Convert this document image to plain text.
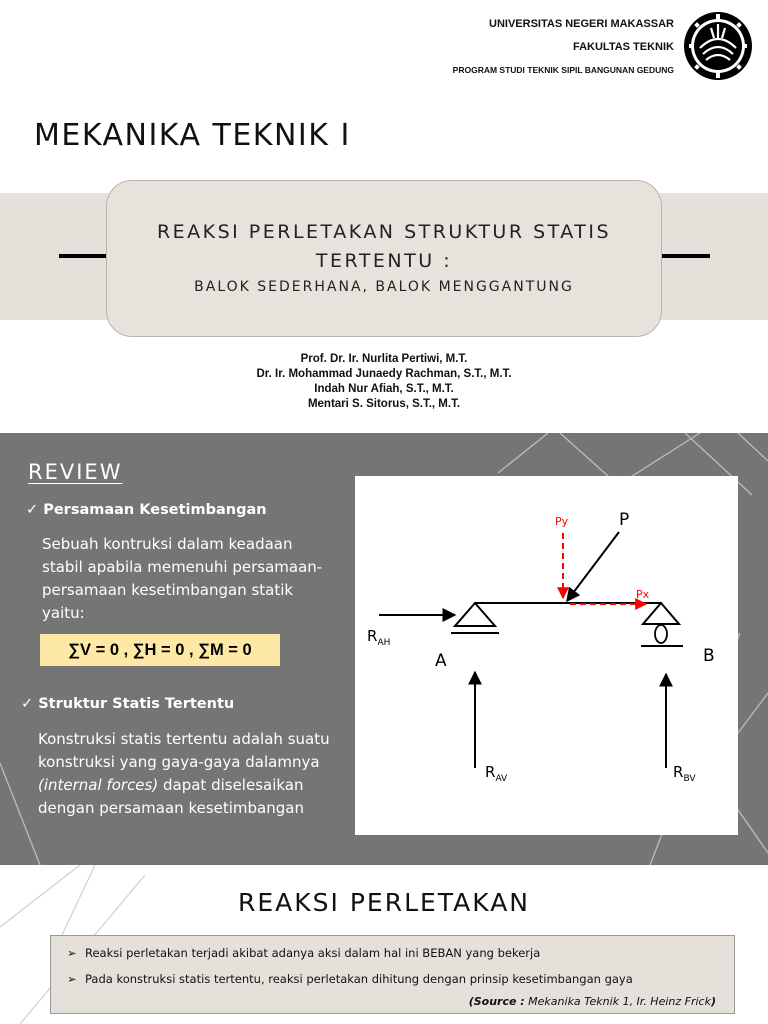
UNIVERSITAS NEGERI MAKASSAR
FAKULTAS TEKNIK
PROGRAM STUDI TEKNIK SIPIL BANGUNAN GEDUNG
MEKANIKA TEKNIK I
REAKSI PERLETAKAN STRUKTUR STATIS TERTENTU :
BALOK SEDERHANA, BALOK MENGGANTUNG
Prof. Dr. Ir. Nurlita Pertiwi, M.T.
Dr. Ir. Mohammad Junaedy Rachman, S.T., M.T.
Indah Nur Afiah, S.T., M.T.
Mentari S. Sitorus, S.T., M.T.
REVIEW
✓ Persamaan Kesetimbangan
Sebuah kontruksi dalam keadaan stabil apabila memenuhi persamaan-persamaan kesetimbangan statik yaitu:
∑V = 0 , ∑H = 0 , ∑M = 0
✓ Struktur Statis Tertentu
Konstruksi statis tertentu adalah suatu konstruksi yang gaya-gaya dalamnya (internal forces) dapat diselesaikan dengan persamaan kesetimbangan
Py	P
Px
$R_{AH}$
A	B
$R_{AV}$	$R_{BV}$
REAKSI PERLETAKAN
➢ Reaksi perletakan terjadi akibat adanya aksi dalam hal ini BEBAN yang bekerja
➢ Pada konstruksi statis tertentu, reaksi perletakan dihitung dengan prinsip kesetimbangan gaya
(Source : Mekanika Teknik 1, Ir. Heinz Frick)
